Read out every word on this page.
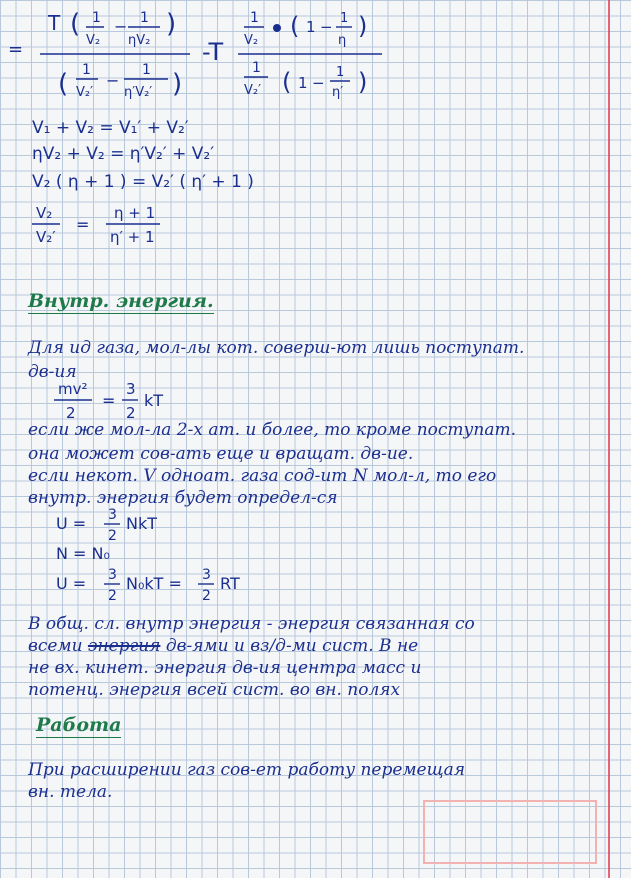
=
T ( 1
V₂
− 1
ηV₂
)
( 1
V₂′
−
1
η′V₂′ )
-T
1
V₂
( 1 − 1
η
)
1
V₂′ ( 1 −
1
η′ )
V₁ + V₂ = V₁′ + V₂′
ηV₂ + V₂ = η′V₂′ + V₂′
V₂ ( η + 1 ) = V₂′ ( η′ + 1 )
V₂
V₂′
=
η + 1
η′ + 1
Внутр. энергия.
Для ид газа, мол-лы кот. соверш-ют лишь поступат.
дв-ия
mv²
2
=
3
2
kT
если же мол-ла 2-х ат. и более, то кроме поступат.
она может сов-ать еще и вращат. дв-ие.
если некот. V однoат. газа сод-ит N мол-л, то его
внутр. энергия будет определ-ся
U = 3
2
NkT
N = N₀
U = 3
2
N₀kT = 3
2
RT
В общ. сл. внутр энергия - энергия связанная со
всеми энергия дв-ями и вз/д-ми сист. В не
не вх. кинет. энергия дв-ия центра масс и
потенц. энергия всей сист. во вн. полях
Работа
При расширении газ сов-ет работу перемещая
вн. тела.
